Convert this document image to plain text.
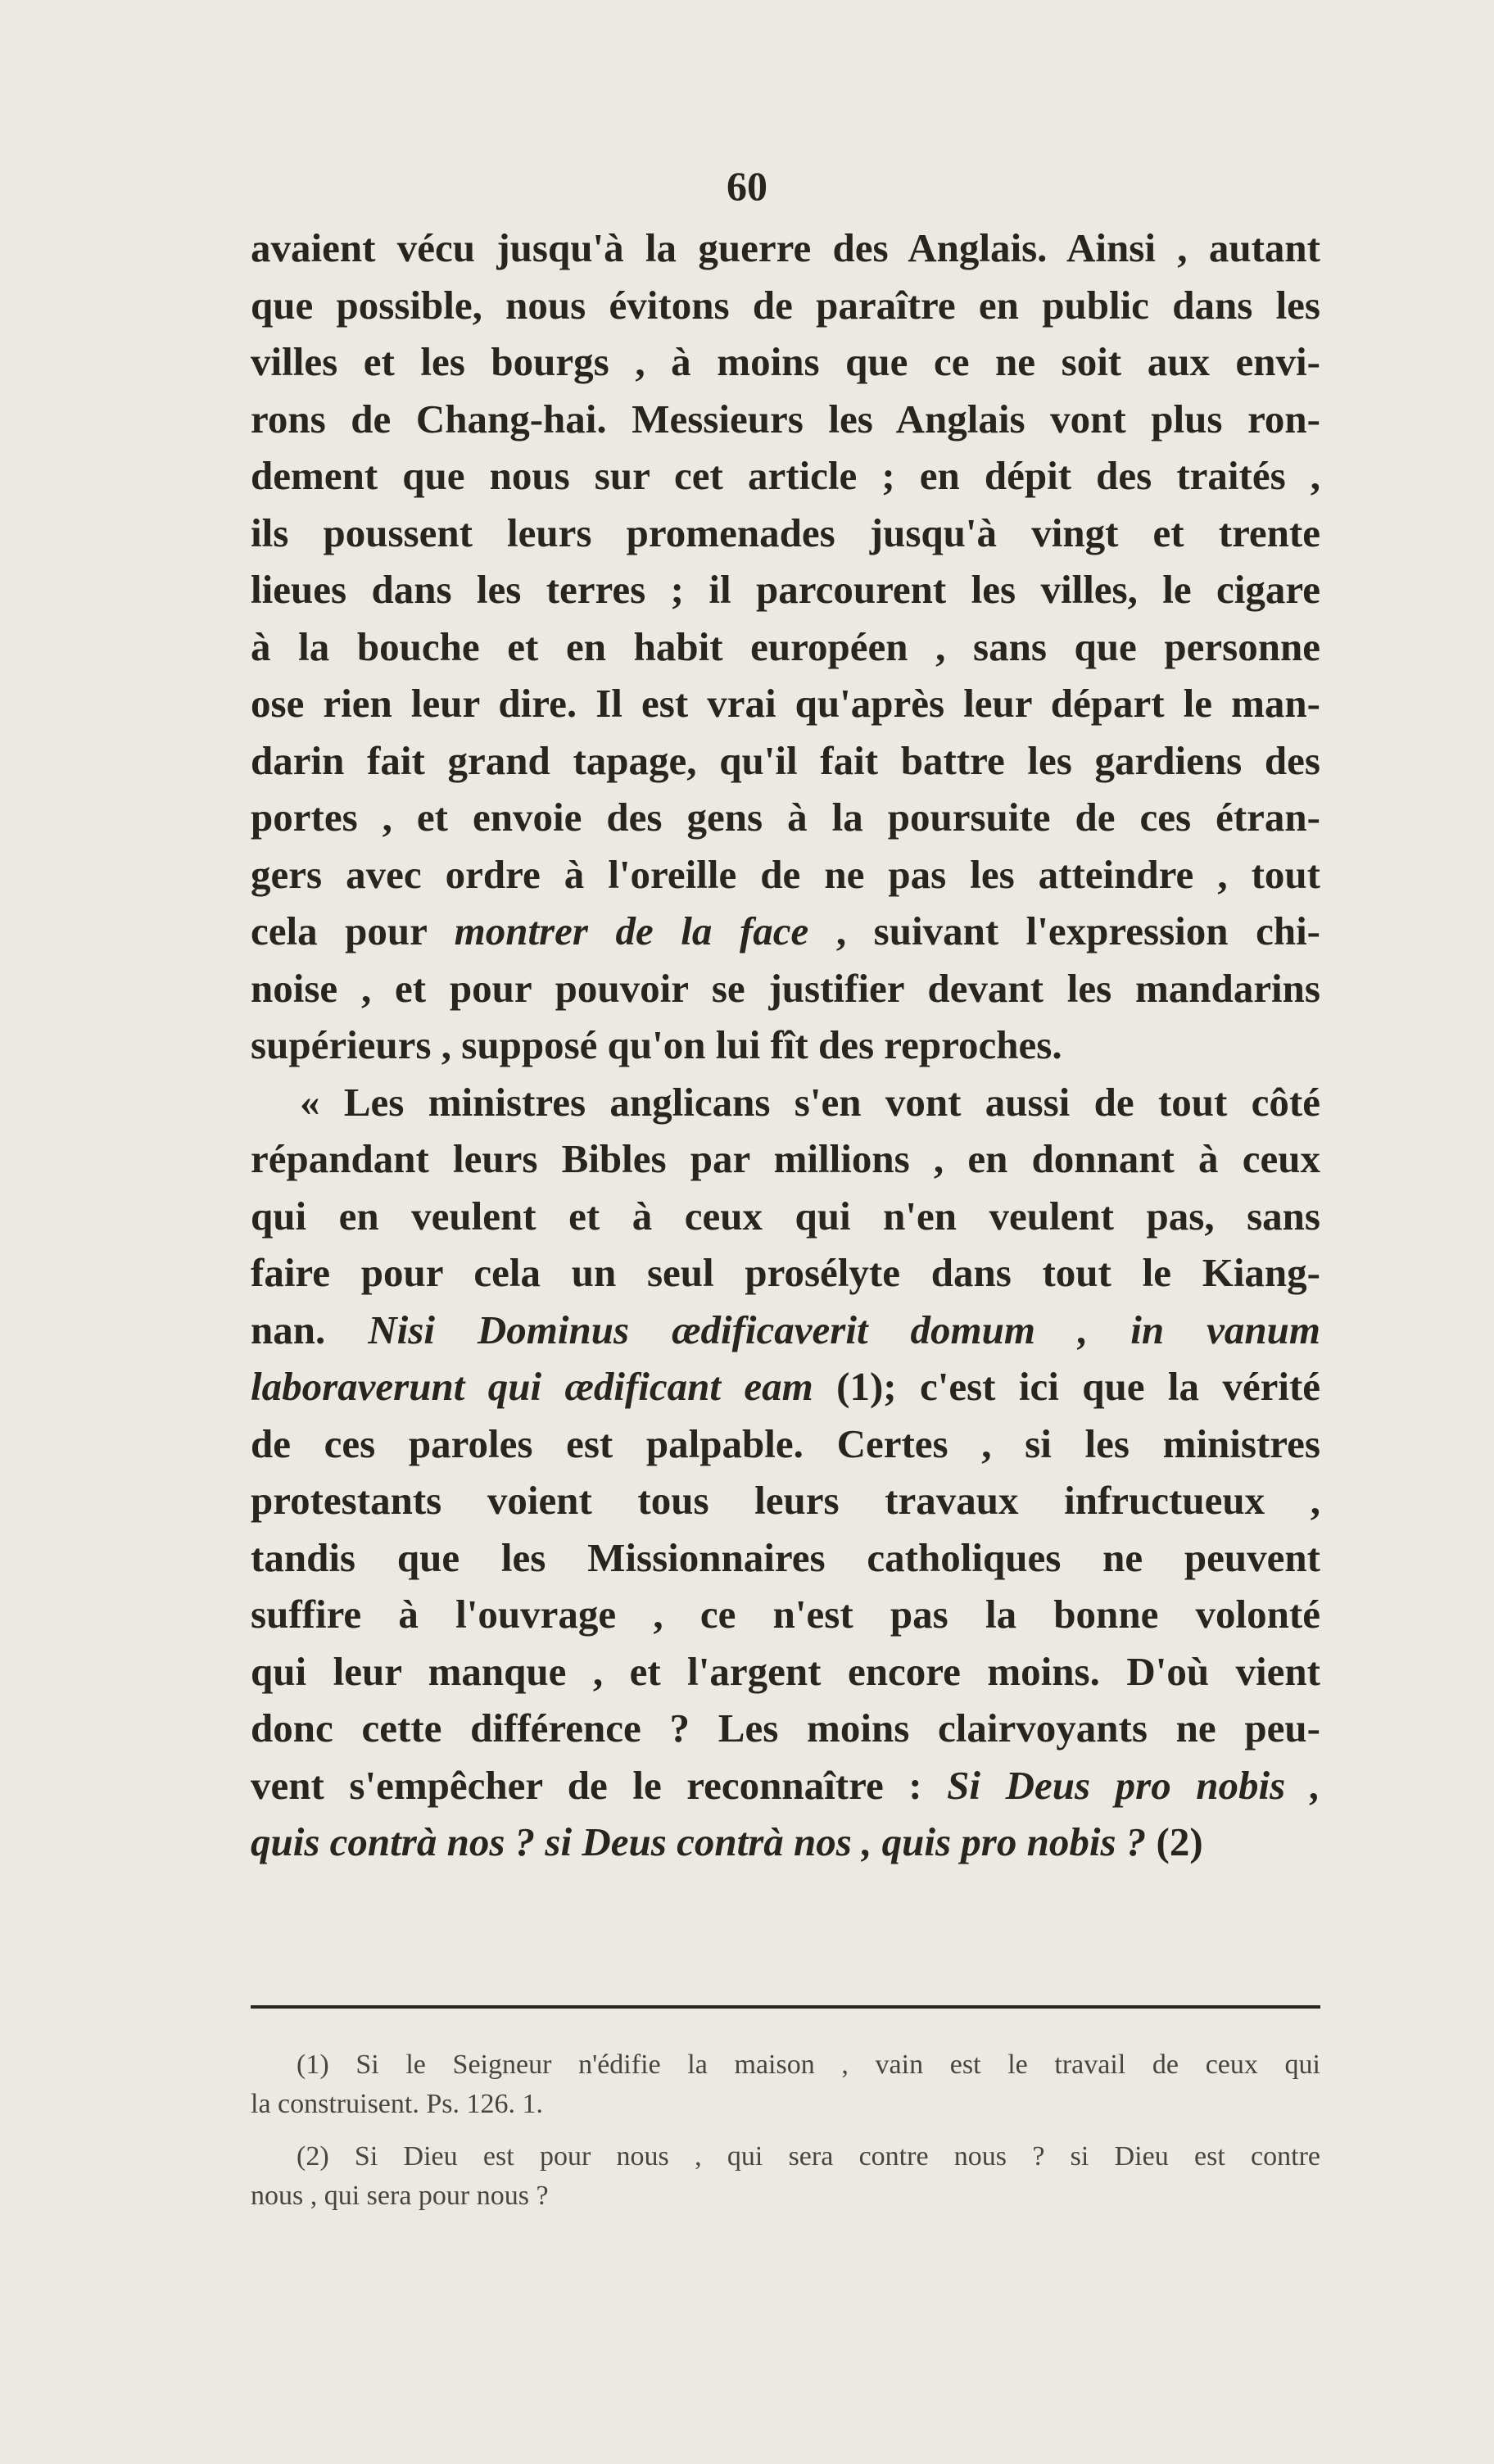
60
avaient vécu jusqu'à la guerre des Anglais. Ainsi , autant
que possible, nous évitons de paraître en public dans les
villes et les bourgs , à moins que ce ne soit aux envi-
rons de Chang-hai. Messieurs les Anglais vont plus ron-
dement que nous sur cet article ; en dépit des traités ,
ils poussent leurs promenades jusqu'à vingt et trente
lieues dans les terres ; il parcourent les villes, le cigare
à la bouche et en habit européen , sans que personne
ose rien leur dire. Il est vrai qu'après leur départ le man-
darin fait grand tapage, qu'il fait battre les gardiens des
portes , et envoie des gens à la poursuite de ces étran-
gers avec ordre à l'oreille de ne pas les atteindre , tout
cela pour montrer de la face , suivant l'expression chi-
noise , et pour pouvoir se justifier devant les mandarins
supérieurs , supposé qu'on lui fît des reproches.
« Les ministres anglicans s'en vont aussi de tout côté
répandant leurs Bibles par millions , en donnant à ceux
qui en veulent et à ceux qui n'en veulent pas, sans
faire pour cela un seul prosélyte dans tout le Kiang-
nan. Nisi Dominus ædificaverit domum , in vanum
laboraverunt qui ædificant eam (1); c'est ici que la vérité
de ces paroles est palpable. Certes , si les ministres
protestants voient tous leurs travaux infructueux ,
tandis que les Missionnaires catholiques ne peuvent
suffire à l'ouvrage , ce n'est pas la bonne volonté
qui leur manque , et l'argent encore moins. D'où vient
donc cette différence ? Les moins clairvoyants ne peu-
vent s'empêcher de le reconnaître : Si Deus pro nobis ,
quis contrà nos ? si Deus contrà nos , quis pro nobis ? (2)
(1) Si le Seigneur n'édifie la maison , vain est le travail de ceux qui
la construisent. Ps. 126. 1.
(2) Si Dieu est pour nous , qui sera contre nous ? si Dieu est contre
nous , qui sera pour nous ?
